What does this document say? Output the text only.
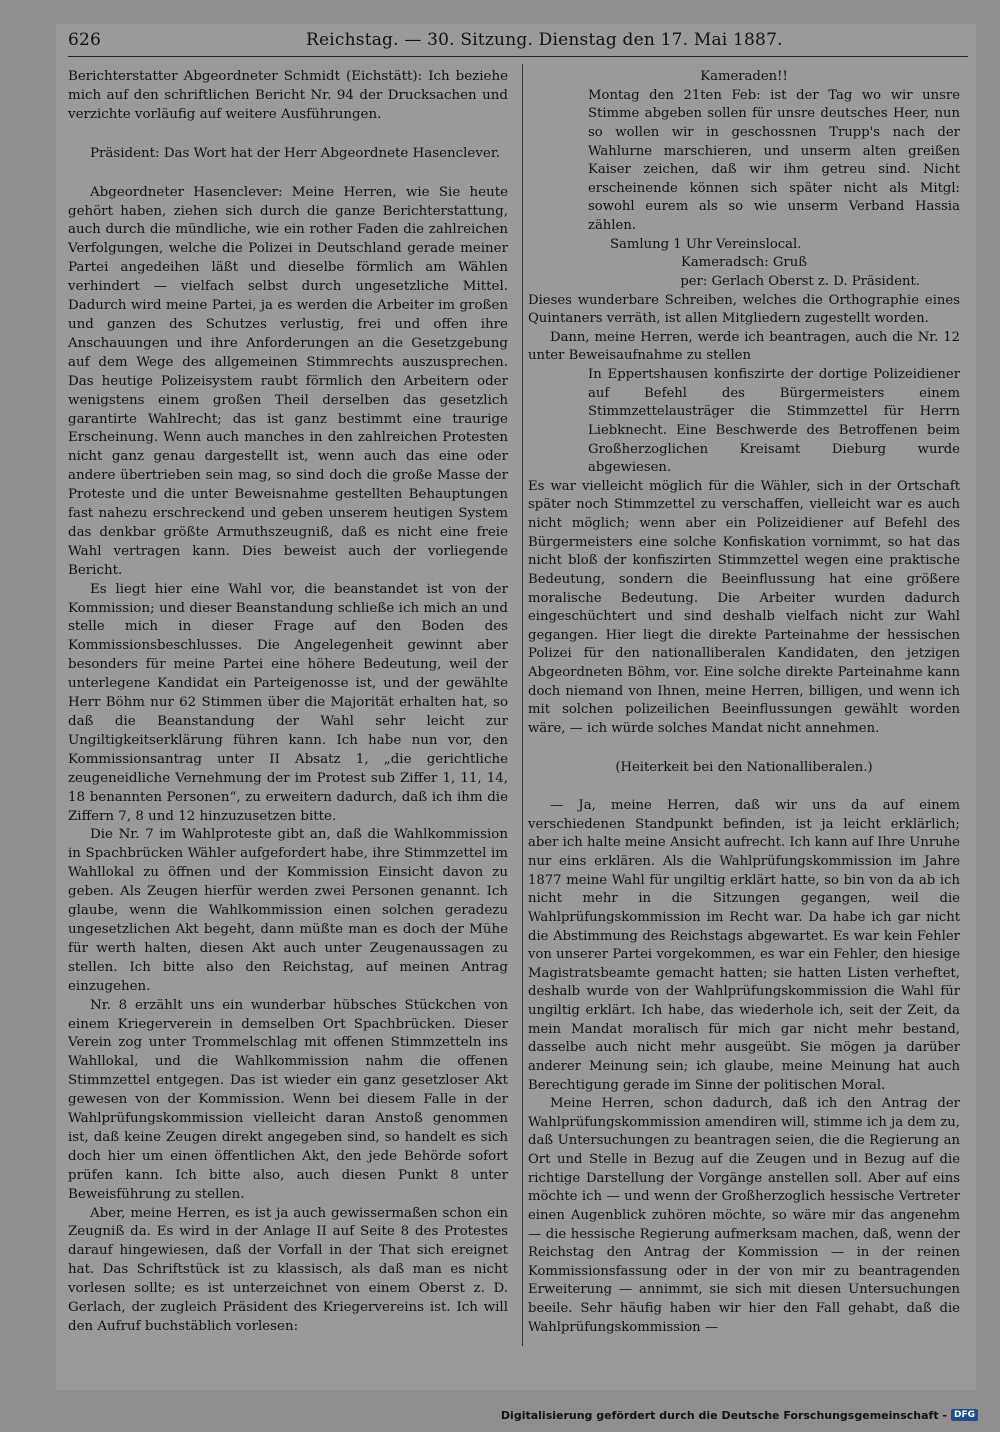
626	Reichstag. — 30. Sitzung. Dienstag den 17. Mai 1887.

Berichterstatter Abgeordneter Schmidt (Eichstätt): Ich beziehe mich auf den schriftlichen Bericht Nr. 94 der Drucksachen und verzichte vorläufig auf weitere Ausführungen.

Präsident: Das Wort hat der Herr Abgeordnete Hasenclever.

Abgeordneter Hasenclever: Meine Herren, wie Sie heute gehört haben, ziehen sich durch die ganze Berichterstattung, auch durch die mündliche, wie ein rother Faden die zahlreichen Verfolgungen, welche die Polizei in Deutschland gerade meiner Partei angedeihen läßt und dieselbe förmlich am Wählen verhindert — vielfach selbst durch ungesetzliche Mittel. Dadurch wird meine Partei, ja es werden die Arbeiter im großen und ganzen des Schutzes verlustig, frei und offen ihre Anschauungen und ihre Anforderungen an die Gesetzgebung auf dem Wege des allgemeinen Stimmrechts auszusprechen. Das heutige Polizeisystem raubt förmlich den Arbeitern oder wenigstens einem großen Theil derselben das gesetzlich garantirte Wahlrecht; das ist ganz bestimmt eine traurige Erscheinung. Wenn auch manches in den zahlreichen Protesten nicht ganz genau dargestellt ist, wenn auch das eine oder andere übertrieben sein mag, so sind doch die große Masse der Proteste und die unter Beweisnahme gestellten Behauptungen fast nahezu erschreckend und geben unserem heutigen System das denkbar größte Armuthszeugniß, daß es nicht eine freie Wahl vertragen kann. Dies beweist auch der vorliegende Bericht.

Es liegt hier eine Wahl vor, die beanstandet ist von der Kommission; und dieser Beanstandung schließe ich mich an und stelle mich in dieser Frage auf den Boden des Kommissionsbeschlusses. Die Angelegenheit gewinnt aber besonders für meine Partei eine höhere Bedeutung, weil der unterlegene Kandidat ein Parteigenosse ist, und der gewählte Herr Böhm nur 62 Stimmen über die Majorität erhalten hat, so daß die Beanstandung der Wahl sehr leicht zur Ungiltigkeitserklärung führen kann. Ich habe nun vor, den Kommissionsantrag unter II Absatz 1, „die gerichtliche zeugeneidliche Vernehmung der im Protest sub Ziffer 1, 11, 14, 18 benannten Personen“, zu erweitern dadurch, daß ich ihm die Ziffern 7, 8 und 12 hinzuzusetzen bitte.

Die Nr. 7 im Wahlproteste gibt an, daß die Wahlkommission in Spachbrücken Wähler aufgefordert habe, ihre Stimmzettel im Wahllokal zu öffnen und der Kommission Einsicht davon zu geben. Als Zeugen hierfür werden zwei Personen genannt. Ich glaube, wenn die Wahlkommission einen solchen geradezu ungesetzlichen Akt begeht, dann müßte man es doch der Mühe für werth halten, diesen Akt auch unter Zeugenaussagen zu stellen. Ich bitte also den Reichstag, auf meinen Antrag einzugehen.

Nr. 8 erzählt uns ein wunderbar hübsches Stückchen von einem Kriegerverein in demselben Ort Spachbrücken. Dieser Verein zog unter Trommelschlag mit offenen Stimmzetteln ins Wahllokal, und die Wahlkommission nahm die offenen Stimmzettel entgegen. Das ist wieder ein ganz gesetzloser Akt gewesen von der Kommission. Wenn bei diesem Falle in der Wahlprüfungskommission vielleicht daran Anstoß genommen ist, daß keine Zeugen direkt angegeben sind, so handelt es sich doch hier um einen öffentlichen Akt, den jede Behörde sofort prüfen kann. Ich bitte also, auch diesen Punkt 8 unter Beweisführung zu stellen.

Aber, meine Herren, es ist ja auch gewissermaßen schon ein Zeugniß da. Es wird in der Anlage II auf Seite 8 des Protestes darauf hingewiesen, daß der Vorfall in der That sich ereignet hat. Das Schriftstück ist zu klassisch, als daß man es nicht vorlesen sollte; es ist unterzeichnet von einem Oberst z. D. Gerlach, der zugleich Präsident des Kriegervereins ist. Ich will den Aufruf buchstäblich vorlesen:

Kameraden!!

Montag den 21ten Feb: ist der Tag wo wir unsre Stimme abgeben sollen für unsre deutsches Heer, nun so wollen wir in geschossnen Trupp's nach der Wahlurne marschieren, und unserm alten greißen Kaiser zeichen, daß wir ihm getreu sind. Nicht erscheinende können sich später nicht als Mitgl: sowohl eurem als so wie unserm Verband Hassia zählen.

Samlung 1 Uhr Vereinslocal.

Kameradsch: Gruß

per: Gerlach Oberst z. D. Präsident.

Dieses wunderbare Schreiben, welches die Orthographie eines Quintaners verräth, ist allen Mitgliedern zugestellt worden.

Dann, meine Herren, werde ich beantragen, auch die Nr. 12 unter Beweisaufnahme zu stellen

In Eppertshausen konfiszirte der dortige Polizeidiener auf Befehl des Bürgermeisters einem Stimmzettelausträger die Stimmzettel für Herrn Liebknecht. Eine Beschwerde des Betroffenen beim Großherzoglichen Kreisamt Dieburg wurde abgewiesen.

Es war vielleicht möglich für die Wähler, sich in der Ortschaft später noch Stimmzettel zu verschaffen, vielleicht war es auch nicht möglich; wenn aber ein Polizeidiener auf Befehl des Bürgermeisters eine solche Konfiskation vornimmt, so hat das nicht bloß der konfiszirten Stimmzettel wegen eine praktische Bedeutung, sondern die Beeinflussung hat eine größere moralische Bedeutung. Die Arbeiter wurden dadurch eingeschüchtert und sind deshalb vielfach nicht zur Wahl gegangen. Hier liegt die direkte Parteinahme der hessischen Polizei für den nationalliberalen Kandidaten, den jetzigen Abgeordneten Böhm, vor. Eine solche direkte Parteinahme kann doch niemand von Ihnen, meine Herren, billigen, und wenn ich mit solchen polizeilichen Beeinflussungen gewählt worden wäre, — ich würde solches Mandat nicht annehmen.

(Heiterkeit bei den Nationalliberalen.)

— Ja, meine Herren, daß wir uns da auf einem verschiedenen Standpunkt befinden, ist ja leicht erklärlich; aber ich halte meine Ansicht aufrecht. Ich kann auf Ihre Unruhe nur eins erklären. Als die Wahlprüfungskommission im Jahre 1877 meine Wahl für ungiltig erklärt hatte, so bin von da ab ich nicht mehr in die Sitzungen gegangen, weil die Wahlprüfungskommission im Recht war. Da habe ich gar nicht die Abstimmung des Reichstags abgewartet. Es war kein Fehler von unserer Partei vorgekommen, es war ein Fehler, den hiesige Magistratsbeamte gemacht hatten; sie hatten Listen verheftet, deshalb wurde von der Wahlprüfungskommission die Wahl für ungiltig erklärt. Ich habe, das wiederhole ich, seit der Zeit, da mein Mandat moralisch für mich gar nicht mehr bestand, dasselbe auch nicht mehr ausgeübt. Sie mögen ja darüber anderer Meinung sein; ich glaube, meine Meinung hat auch Berechtigung gerade im Sinne der politischen Moral.

Meine Herren, schon dadurch, daß ich den Antrag der Wahlprüfungskommission amendiren will, stimme ich ja dem zu, daß Untersuchungen zu beantragen seien, die die Regierung an Ort und Stelle in Bezug auf die Zeugen und in Bezug auf die richtige Darstellung der Vorgänge anstellen soll. Aber auf eins möchte ich — und wenn der Großherzoglich hessische Vertreter einen Augenblick zuhören möchte, so wäre mir das angenehm — die hessische Regierung aufmerksam machen, daß, wenn der Reichstag den Antrag der Kommission — in der reinen Kommissionsfassung oder in der von mir zu beantragenden Erweiterung — annimmt, sie sich mit diesen Untersuchungen beeile. Sehr häufig haben wir hier den Fall gehabt, daß die Wahlprüfungskommission —

Digitalisierung gefördert durch die Deutsche Forschungsgemeinschaft - DFG
